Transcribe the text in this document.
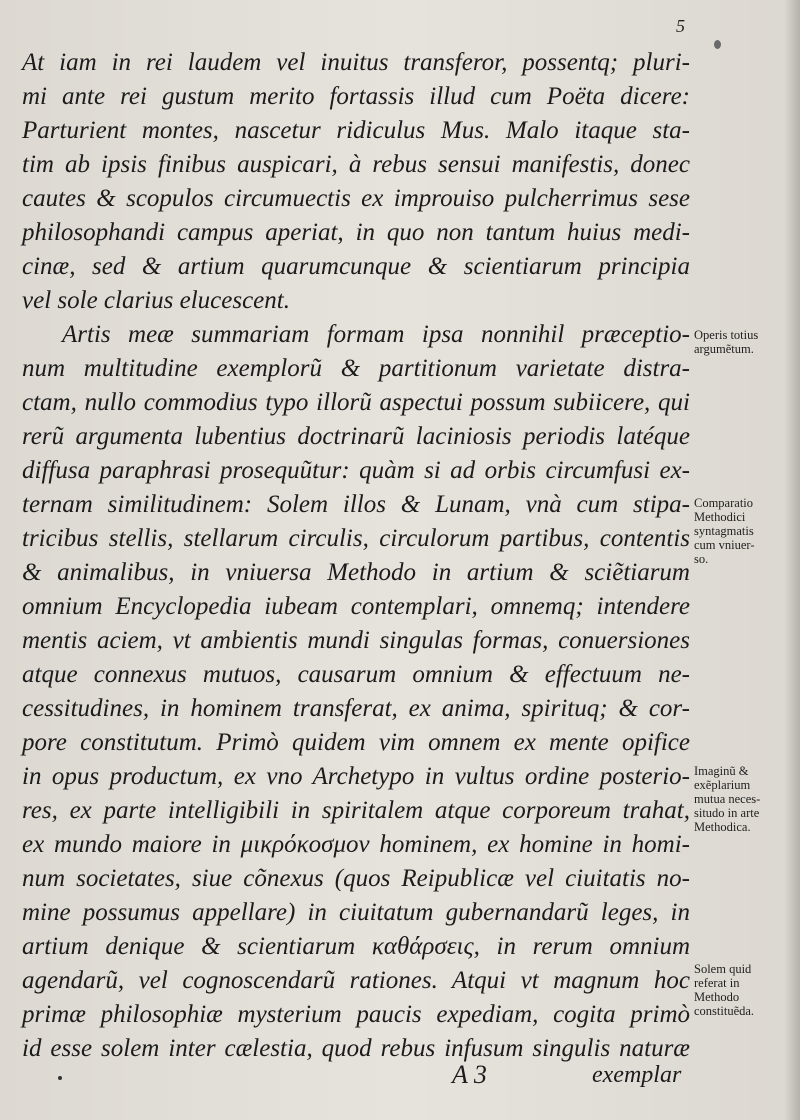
5
At iam in rei laudem vel inuitus transferor, possentq; pluri-
mi ante rei gustum merito fortassis illud cum Poëta dicere:
Parturient montes, nascetur ridiculus Mus. Malo itaque sta-
tim ab ipsis finibus auspicari, à rebus sensui manifestis, donec
cautes & scopulos circumuectis ex improuiso pulcherrimus sese
philosophandi campus aperiat, in quo non tantum huius medi-
cinæ, sed & artium quarumcunque & scientiarum principia
vel sole clarius elucescent.
Artis meæ summariam formam ipsa nonnihil præceptio-
num multitudine exemplorũ & partitionum varietate distra-
ctam, nullo commodius typo illorũ aspectui possum subiicere, qui
rerũ argumenta lubentius doctrinarũ laciniosis periodis latéque
diffusa paraphrasi prosequũtur: quàm si ad orbis circumfusi ex-
ternam similitudinem: Solem illos & Lunam, vnà cum stipa-
tricibus stellis, stellarum circulis, circulorum partibus, contentis
& animalibus, in vniuersa Methodo in artium & sciẽtiarum
omnium Encyclopedia iubeam contemplari, omnemq; intendere
mentis aciem, vt ambientis mundi singulas formas, conuersiones
atque connexus mutuos, causarum omnium & effectuum ne-
cessitudines, in hominem transferat, ex anima, spirituq; & cor-
pore constitutum. Primò quidem vim omnem ex mente opifice
in opus productum, ex vno Archetypo in vultus ordine posterio-
res, ex parte intelligibili in spiritalem atque corporeum trahat,
ex mundo maiore in μικρόκοσμον hominem, ex homine in homi-
num societates, siue cõnexus (quos Reipublicæ vel ciuitatis no-
mine possumus appellare) in ciuitatum gubernandarũ leges, in
artium denique & scientiarum καθάρσεις, in rerum omnium
agendarũ, vel cognoscendarũ rationes. Atqui vt magnum hoc
primæ philosophiæ mysterium paucis expediam, cogita primò
id esse solem inter cælestia, quod rebus infusum singulis naturæ
Operis totius
argumẽtum.
Comparatio
Methodici
syntagmatis
cum vniuer-
so.
Imaginũ &
exẽplarium
mutua neces-
situdo in arte
Methodica.
Solem quid
referat in
Methodo
constituẽda.
A 3	exemplar
